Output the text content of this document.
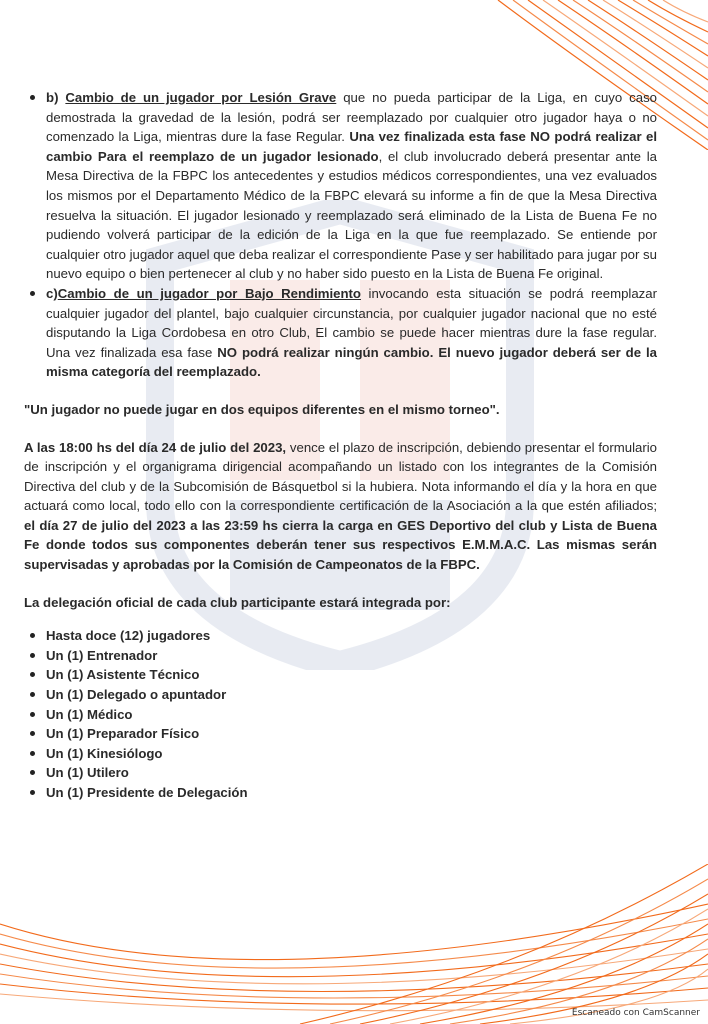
b) Cambio de un jugador por Lesión Grave que no pueda participar de la Liga, en cuyo caso demostrada la gravedad de la lesión, podrá ser reemplazado por cualquier otro jugador haya o no comenzado la Liga, mientras dure la fase Regular. Una vez finalizada esta fase NO podrá realizar el cambio Para el reemplazo de un jugador lesionado, el club involucrado deberá presentar ante la Mesa Directiva de la FBPC los antecedentes y estudios médicos correspondientes, una vez evaluados los mismos por el Departamento Médico de la FBPC elevará su informe a fin de que la Mesa Directiva resuelva la situación. El jugador lesionado y reemplazado será eliminado de la Lista de Buena Fe no pudiendo volverá participar de la edición de la Liga en la que fue reemplazado. Se entiende por cualquier otro jugador aquel que deba realizar el correspondiente Pase y ser habilitado para jugar por su nuevo equipo o bien pertenecer al club y no haber sido puesto en la Lista de Buena Fe original.

c)Cambio de un jugador por Bajo Rendimiento invocando esta situación se podrá reemplazar cualquier jugador del plantel, bajo cualquier circunstancia, por cualquier jugador nacional que no esté disputando la Liga Cordobesa en otro Club, El cambio se puede hacer mientras dure la fase regular. Una vez finalizada esa fase NO podrá realizar ningún cambio. El nuevo jugador deberá ser de la misma categoría del reemplazado.

"Un jugador no puede jugar en dos equipos diferentes en el mismo torneo".

A las 18:00 hs del día 24 de julio del 2023, vence el plazo de inscripción, debiendo presentar el formulario de inscripción y el organigrama dirigencial acompañando un listado con los integrantes de la Comisión Directiva del club y de la Subcomisión de Básquetbol si la hubiera. Nota informando el día y la hora en que actuará como local, todo ello con la correspondiente certificación de la Asociación a la que estén afiliados; el día 27 de julio del 2023 a las 23:59 hs cierra la carga en GES Deportivo del club y Lista de Buena Fe donde todos sus componentes deberán tener sus respectivos E.M.M.A.C. Las mismas serán supervisadas y aprobadas por la Comisión de Campeonatos de la FBPC.

La delegación oficial de cada club participante estará integrada por:

Hasta doce (12) jugadores

Un (1) Entrenador

Un (1) Asistente Técnico

Un (1) Delegado o apuntador

Un (1) Médico

Un (1) Preparador Físico

Un (1) Kinesiólogo

Un (1) Utilero

Un (1) Presidente de Delegación

Escaneado con CamScanner
